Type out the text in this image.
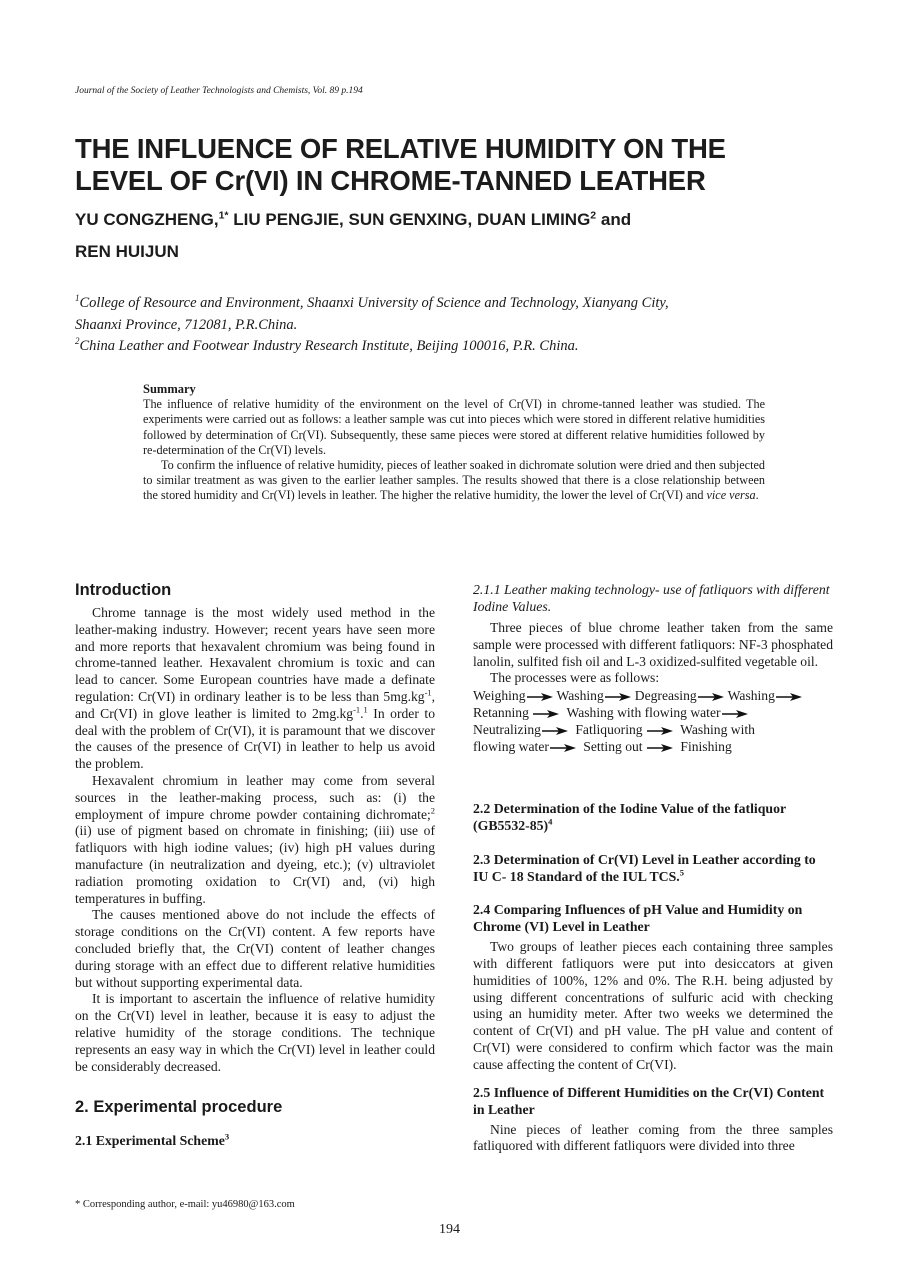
Journal of the Society of Leather Technologists and Chemists, Vol. 89 p.194
THE INFLUENCE OF RELATIVE HUMIDITY ON THE
LEVEL OF Cr(VI) IN CHROME-TANNED LEATHER
YU CONGZHENG,$^{1*}$ LIU PENGJIE, SUN GENXING, DUAN LIMING$^2$ and
REN HUIJUN
$^1$College of Resource and Environment, Shaanxi University of Science and Technology, Xianyang City,
Shaanxi Province, 712081, P.R.China.
$^2$China Leather and Footwear Industry Research Institute, Beijing 100016, P.R. China.
Summary

The influence of relative humidity of the environment on the level of Cr(VI) in chrome-tanned leather was studied. The experiments were carried out as follows: a leather sample was cut into pieces which were stored in different relative humidities followed by determination of Cr(VI). Subsequently, these same pieces were stored at different relative humidities followed by re-determination of the Cr(VI) levels.

To confirm the influence of relative humidity, pieces of leather soaked in dichromate solution were dried and then subjected to similar treatment as was given to the earlier leather samples. The results showed that there is a close relationship between the stored humidity and Cr(VI) levels in leather. The higher the relative humidity, the lower the level of Cr(VI) and vice versa.

Introduction

Chrome tannage is the most widely used method in the leather-making industry. However; recent years have seen more and more reports that hexavalent chromium was being found in chrome-tanned leather. Hexavalent chromium is toxic and can lead to cancer. Some European countries have made a definate regulation: Cr(VI) in ordinary leather is to be less than $5mg.kg^{-1}$, and Cr(VI) in glove leather is limited to $2mg.kg^{-1}.^1$ In order to deal with the problem of Cr(VI), it is paramount that we discover the causes of the presence of Cr(VI) in leather to help us avoid the problem.

Hexavalent chromium in leather may come from several sources in the leather-making process, such as: (i) the employment of impure chrome powder containing dichromate;$^2$ (ii) use of pigment based on chromate in finishing; (iii) use of fatliquors with high iodine values; (iv) high pH values during manufacture (in neutralization and dyeing, etc.); (v) ultraviolet radiation promoting oxidation to Cr(VI) and, (vi) high temperatures in buffing.

The causes mentioned above do not include the effects of storage conditions on the Cr(VI) content. A few reports have concluded briefly that, the Cr(VI) content of leather changes during storage with an effect due to different relative humidities but without supporting experimental data.

It is important to ascertain the influence of relative humidity on the Cr(VI) level in leather, because it is easy to adjust the relative humidity of the storage conditions. The technique represents an easy way in which the Cr(VI) level in leather could be considerably decreased.

2. Experimental procedure
2.1 Experimental Scheme$^3$
2.1.1 Leather making technology- use of fatliquors with different Iodine Values.

Three pieces of blue chrome leather taken from the same sample were processed with different fatliquors: NF-3 phosphated lanolin, sulfited fish oil and L-3 oxidized-sulfited vegetable oil.

The processes were as follows:

Weighing Washing Degreasing Washing
Retanning	Washing with flowing water
Neutralizing	Fatliquoring	Washing with
flowing water	Setting out	Finishing
2.2 Determination of the Iodine Value of the fatliquor $(GB5532-85)^4$
2.3 Determination of Cr(VI) Level in Leather according to IU C- 18 Standard of the IUL TCS.$^5$
2.4 Comparing Influences of pH Value and Humidity on Chrome (VI) Level in Leather

Two groups of leather pieces each containing three samples with different fatliquors were put into desiccators at given humidities of 100%, 12% and 0%. The R.H. being adjusted by using different concentrations of sulfuric acid with checking using an humidity meter. After two weeks we determined the content of Cr(VI) and pH value. The pH value and content of Cr(VI) were considered to confirm which factor was the main cause affecting the content of Cr(VI).

2.5 Influence of Different Humidities on the Cr(VI) Content in Leather

Nine pieces of leather coming from the three samples fatliquored with different fatliquors were divided into three

* Corresponding author, e-mail: yu46980@163.com
194
